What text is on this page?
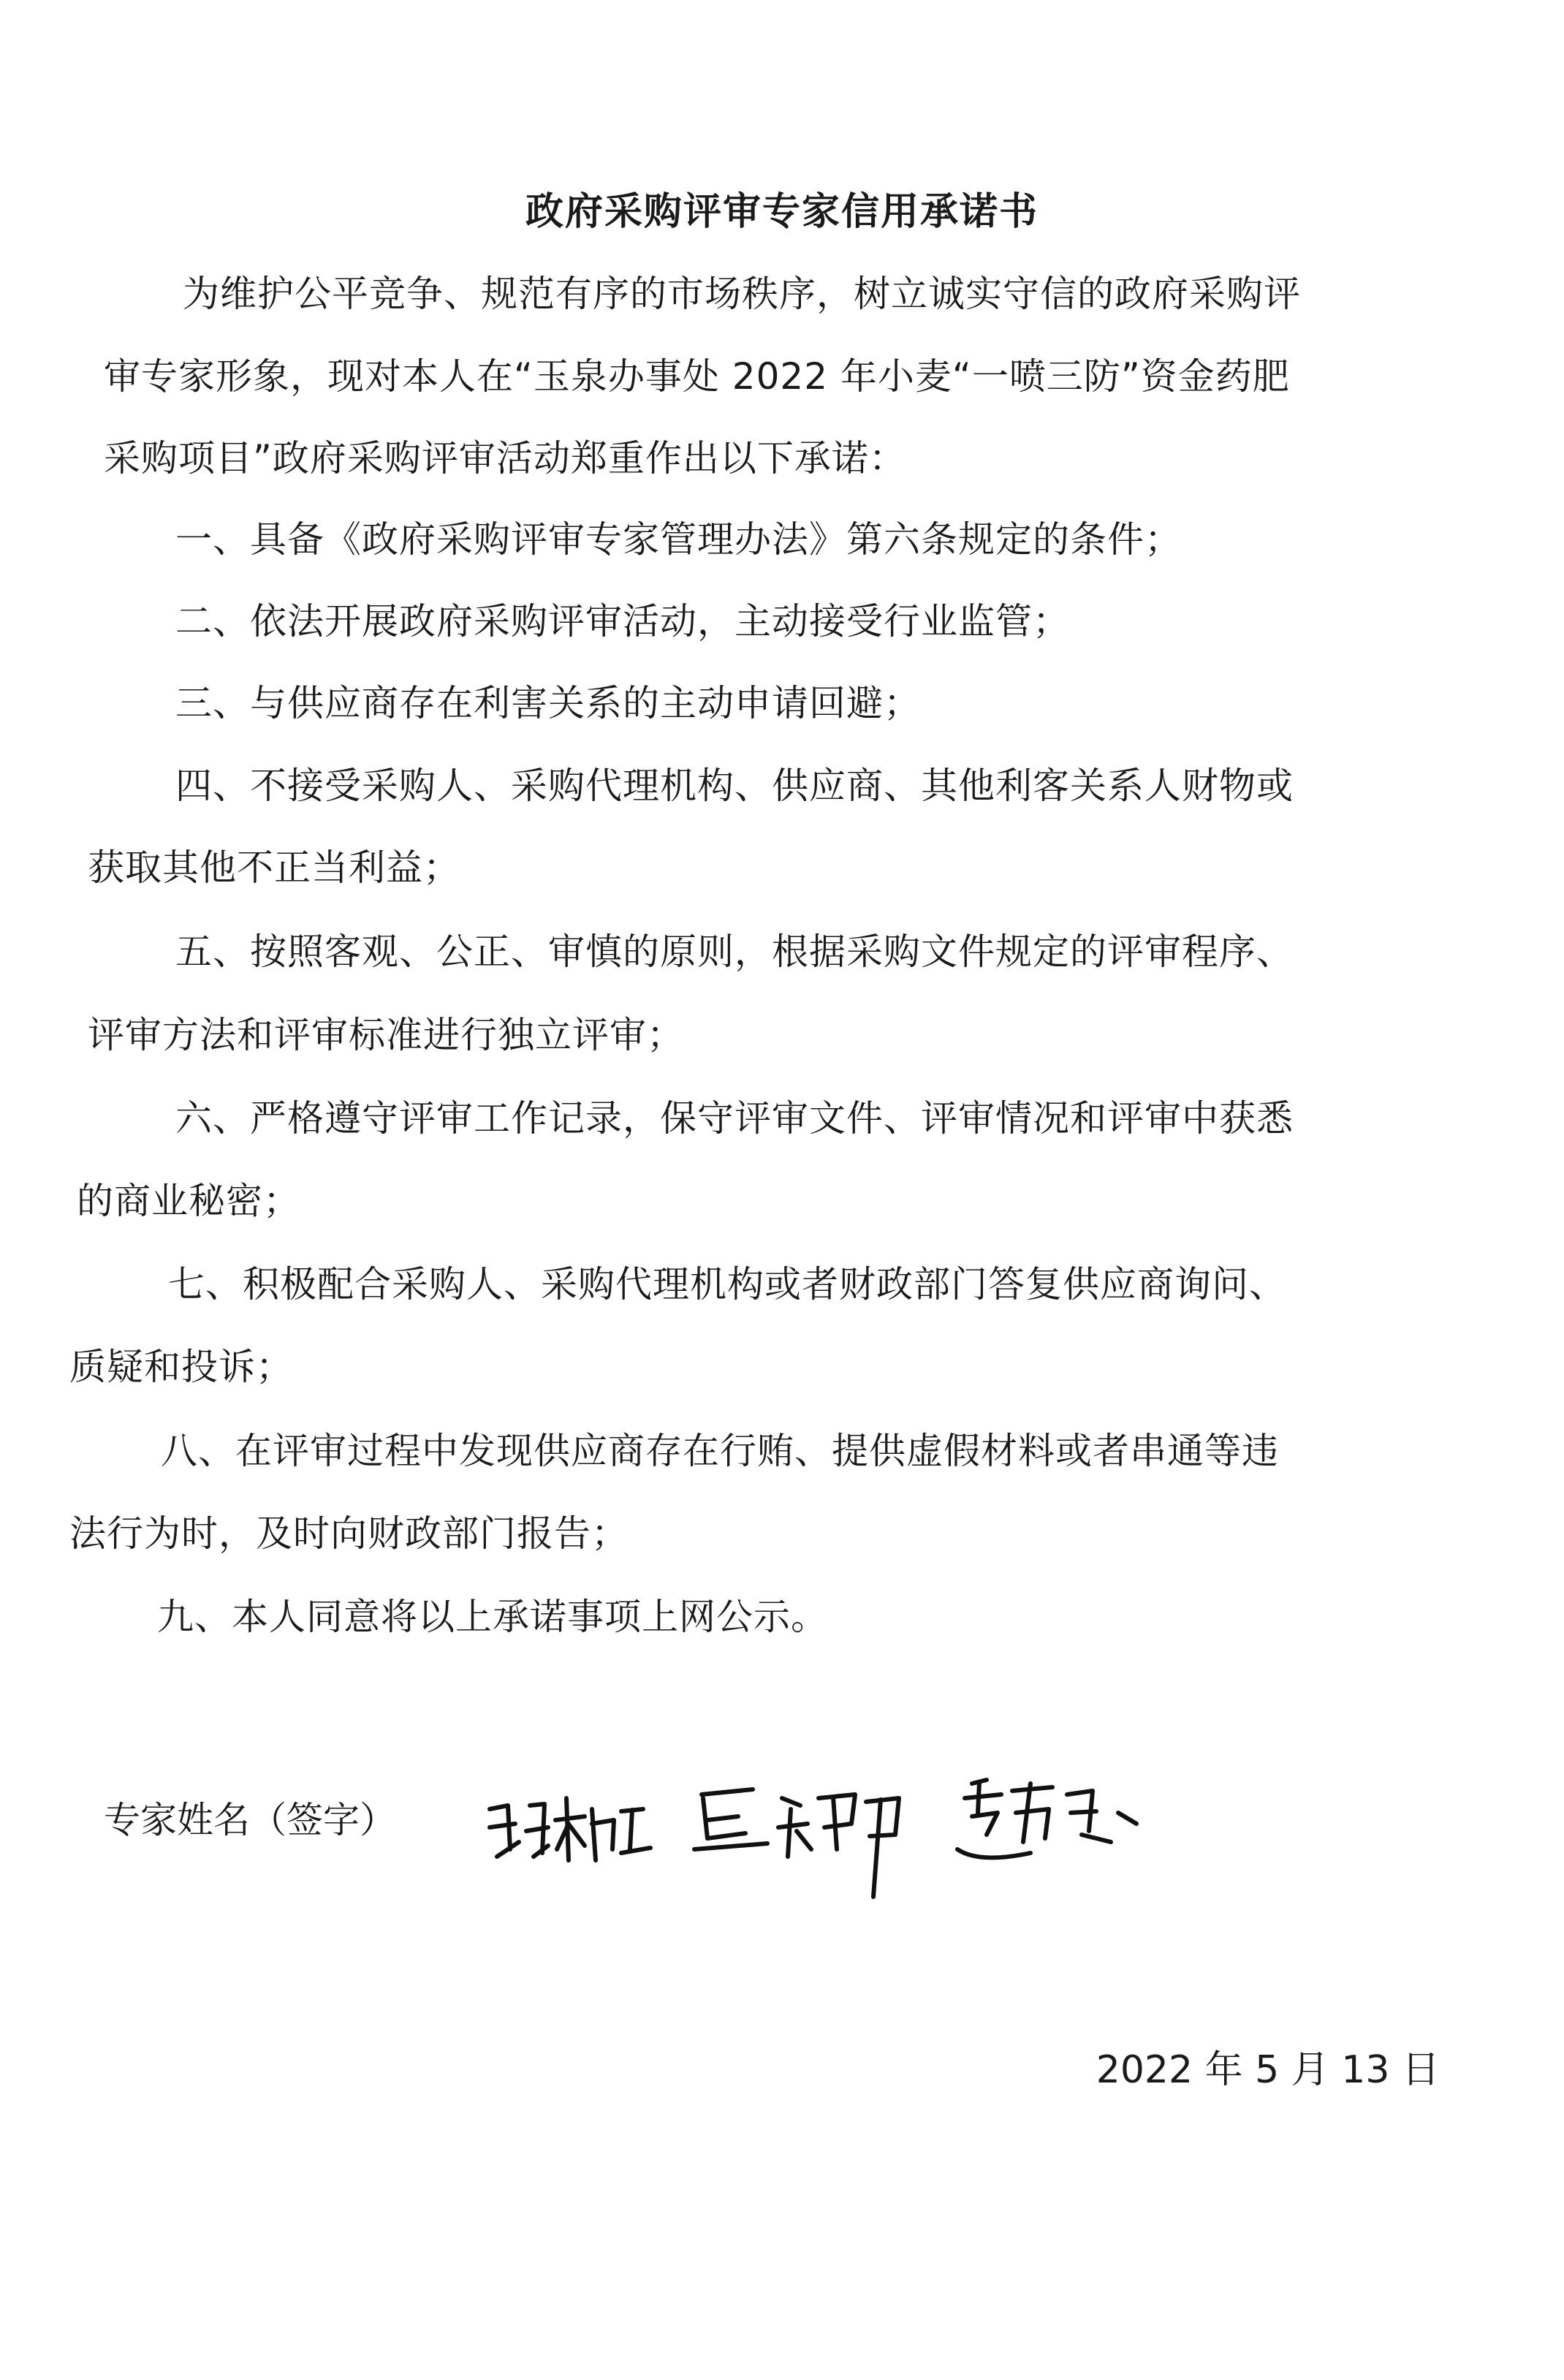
政府采购评审专家信用承诺书
为维护公平竞争、规范有序的市场秩序，树立诚实守信的政府采购评
审专家形象，现对本人在“玉泉办事处 2022 年小麦“一喷三防”资金药肥
采购项目”政府采购评审活动郑重作出以下承诺：
一、具备《政府采购评审专家管理办法》第六条规定的条件；
二、依法开展政府采购评审活动，主动接受行业监管；
三、与供应商存在利害关系的主动申请回避；
四、不接受采购人、采购代理机构、供应商、其他利客关系人财物或
获取其他不正当利益；
五、按照客观、公正、审慎的原则，根据采购文件规定的评审程序、
评审方法和评审标准进行独立评审；
六、严格遵守评审工作记录，保守评审文件、评审情况和评审中获悉
的商业秘密；
七、积极配合采购人、采购代理机构或者财政部门答复供应商询问、
质疑和投诉；
八、在评审过程中发现供应商存在行贿、提供虚假材料或者串通等违
法行为时，及时向财政部门报告；
九、本人同意将以上承诺事项上网公示。
专家姓名（签字）
2022 年 5 月 13 日
